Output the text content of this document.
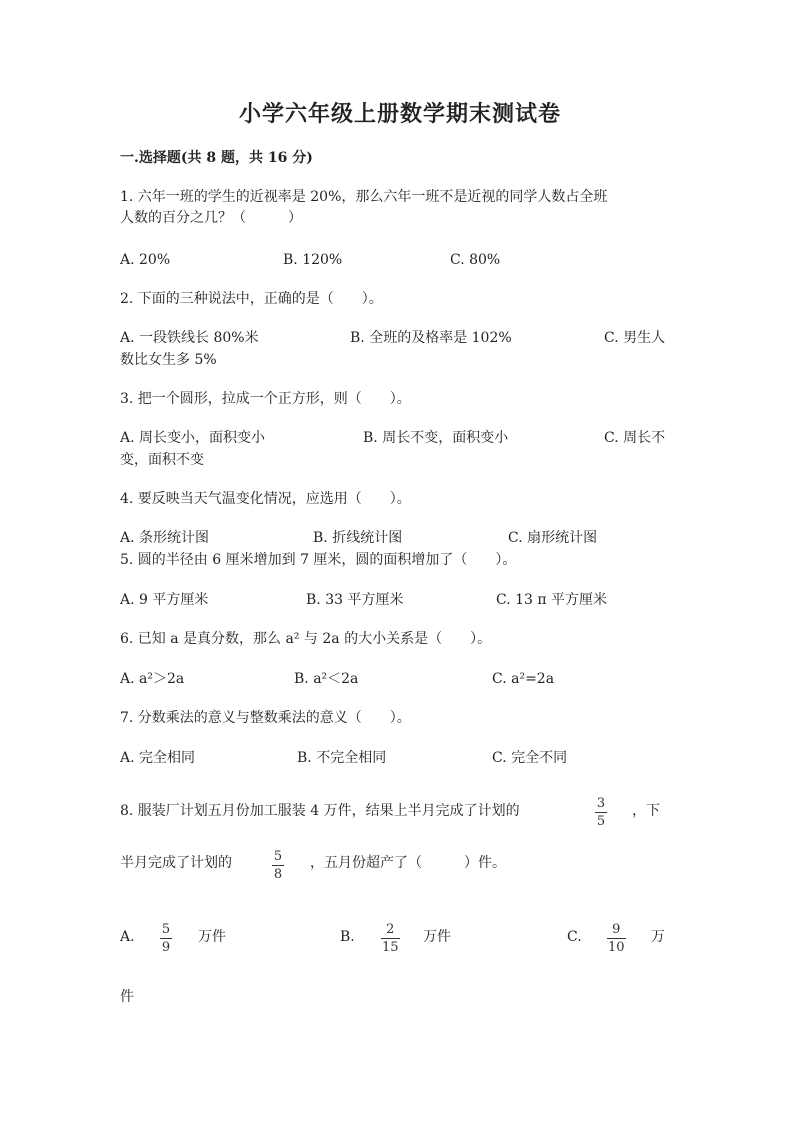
小学六年级上册数学期末测试卷
一.选择题(共 8 题，共 16 分)
1. 六年一班的学生的近视率是 20%，那么六年一班不是近视的同学人数占全班
人数的百分之几？（　　　）
A. 20%	B. 120%	C. 80%
2. 下面的三种说法中，正确的是（　　）。
A. 一段铁线长 80%米	B. 全班的及格率是 102%	C. 男生人
数比女生多 5%
3. 把一个圆形，拉成一个正方形，则（　　）。
A. 周长变小，面积变小	B. 周长不变，面积变小	C. 周长不
变，面积不变
4. 要反映当天气温变化情况，应选用（　　）。
A. 条形统计图	B. 折线统计图	C. 扇形统计图
5. 圆的半径由 6 厘米增加到 7 厘米，圆的面积增加了（　　）。
A. 9 平方厘米	B. 33 平方厘米	C. 13 π 平方厘米
6. 已知 a 是真分数，那么 a² 与 2a 的大小关系是（　　）。
A. a²＞2a	B. a²＜2a	C. a²=2a
7. 分数乘法的意义与整数乘法的意义（　　）。
A. 完全相同	B. 不完全相同	C. 完全不同
8. 服装厂计划五月份加工服装 4 万件，结果上半月完成了计划的	3
5
，下
半月完成了计划的	5
8
，五月份超产了（　　　）件。
A. 5
9
万件	B. 2
15
万件	C. 9
10
万
件
